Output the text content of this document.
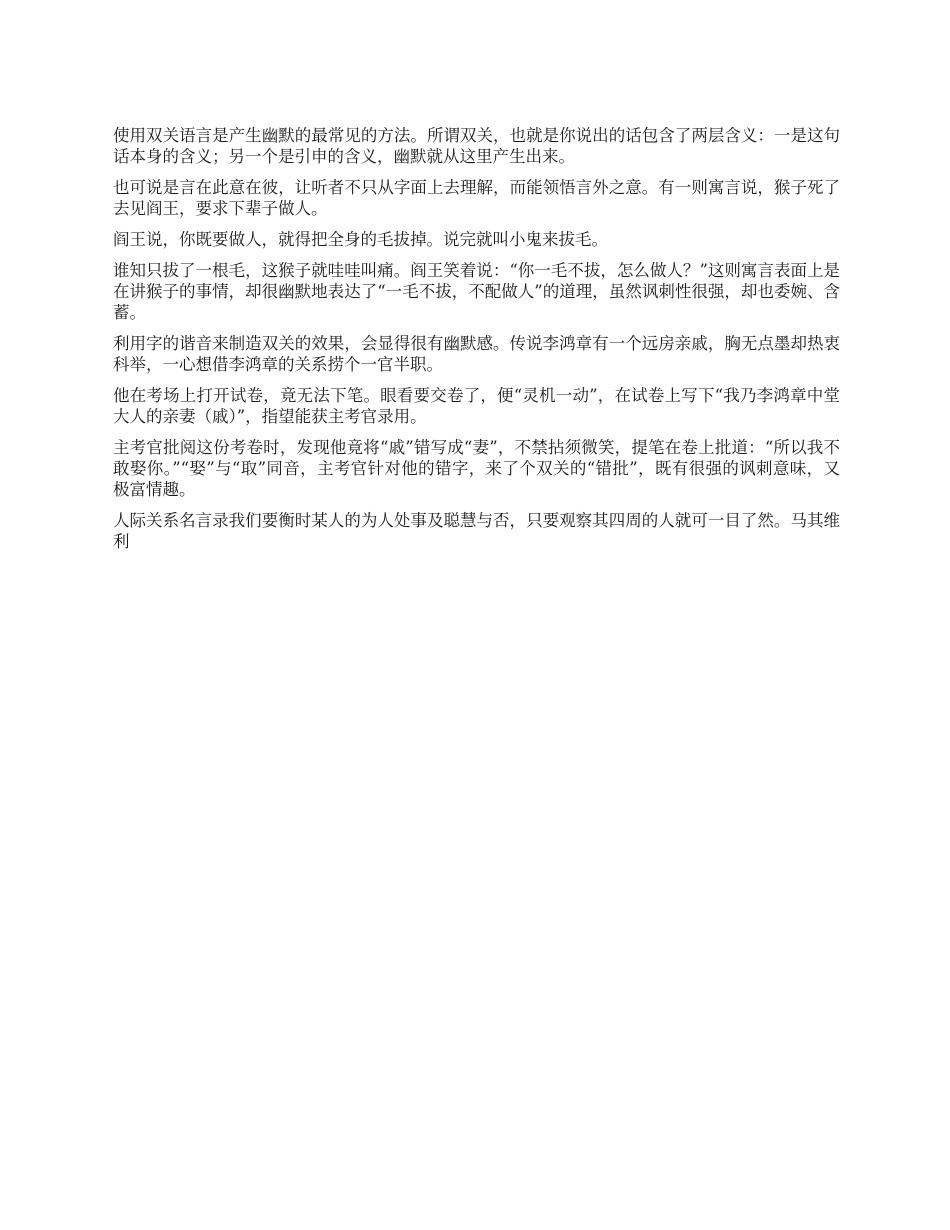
使用双关语言是产生幽默的最常见的方法。所谓双关，也就是你说出的话包含了两层含义：一是这句话本身的含义；另一个是引申的含义，幽默就从这里产生出来。

也可说是言在此意在彼，让听者不只从字面上去理解，而能领悟言外之意。有一则寓言说，猴子死了去见阎王，要求下辈子做人。

阎王说，你既要做人，就得把全身的毛拔掉。说完就叫小鬼来拔毛。

谁知只拔了一根毛，这猴子就哇哇叫痛。阎王笑着说：“你一毛不拔，怎么做人？”这则寓言表面上是在讲猴子的事情，却很幽默地表达了“一毛不拔，不配做人”的道理，虽然讽刺性很强，却也委婉、含蓄。

利用字的谐音来制造双关的效果，会显得很有幽默感。传说李鸿章有一个远房亲戚，胸无点墨却热衷科举，一心想借李鸿章的关系捞个一官半职。

他在考场上打开试卷，竟无法下笔。眼看要交卷了，便“灵机一动”，在试卷上写下“我乃李鸿章中堂大人的亲妻（戚）”，指望能获主考官录用。

主考官批阅这份考卷时，发现他竟将“戚”错写成“妻”，不禁拈须微笑，提笔在卷上批道：“所以我不敢娶你。”“娶”与“取”同音，主考官针对他的错字，来了个双关的“错批”，既有很强的讽刺意味，又极富情趣。

人际关系名言录我们要衡时某人的为人处事及聪慧与否，只要观察其四周的人就可一目了然。马其维利
